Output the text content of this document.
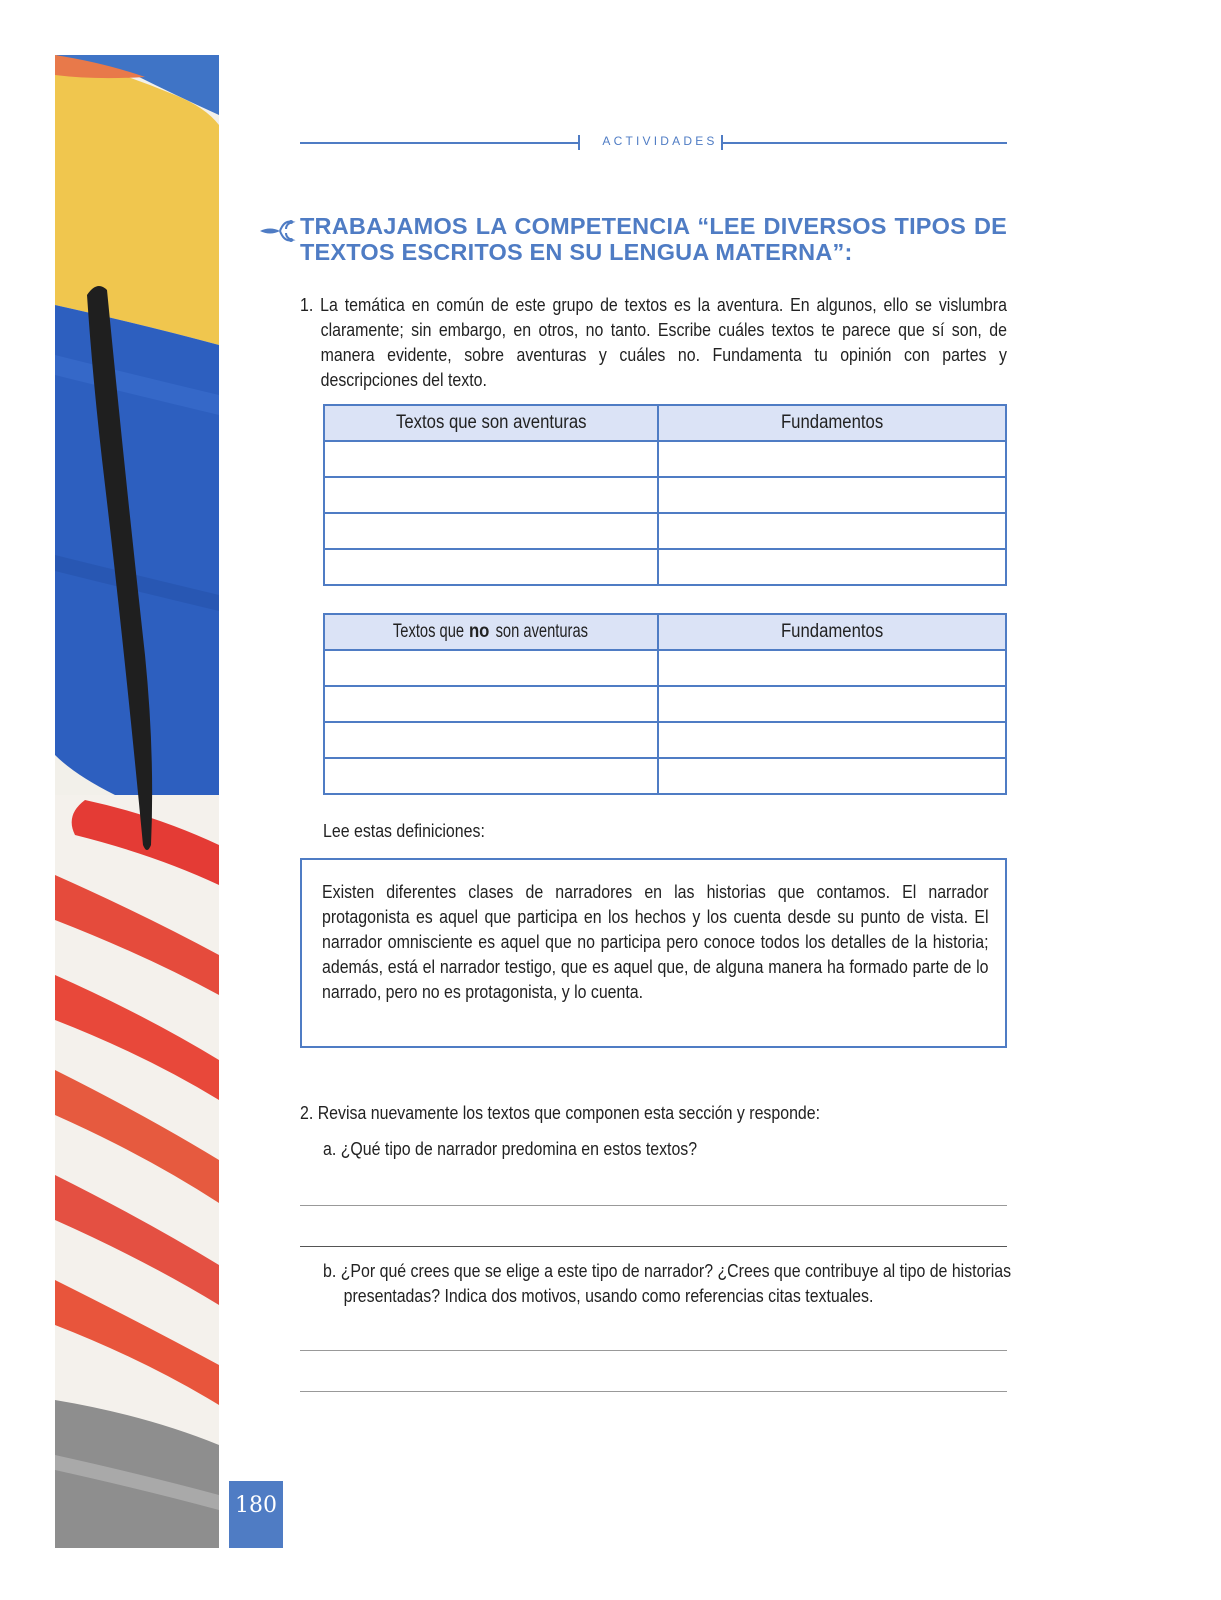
ACTIVIDADES
TRABAJAMOS LA COMPETENCIA “LEE DIVERSOS TIPOS DE TEXTOS ESCRITOS EN SU LENGUA MATERNA”:
1. La temática en común de este grupo de textos es la aventura. En algunos, ello se vislumbra claramente; sin embargo, en otros, no tanto. Escribe cuáles textos te parece que sí son, de manera evidente, sobre aventuras y cuáles no. Fundamenta tu opinión con partes y descripciones del texto.
Textos que son aventuras	Fundamentos

Textos quenoson aventuras	Fundamentos

Lee estas definiciones:
Existen diferentes clases de narradores en las historias que contamos. El narrador protagonista es aquel que participa en los hechos y los cuenta desde su punto de vista. El narrador omnisciente es aquel que no participa pero conoce todos los detalles de la historia; además, está el narrador testigo, que es aquel que, de alguna manera ha formado parte de lo narrado, pero no es protagonista, y lo cuenta.
2. Revisa nuevamente los textos que componen esta sección y responde:
a. ¿Qué tipo de narrador predomina en estos textos?
b. ¿Por qué crees que se elige a este tipo de narrador? ¿Crees que contribuye al tipo de historias presentadas? Indica dos motivos, usando como referencias citas textuales.
180
